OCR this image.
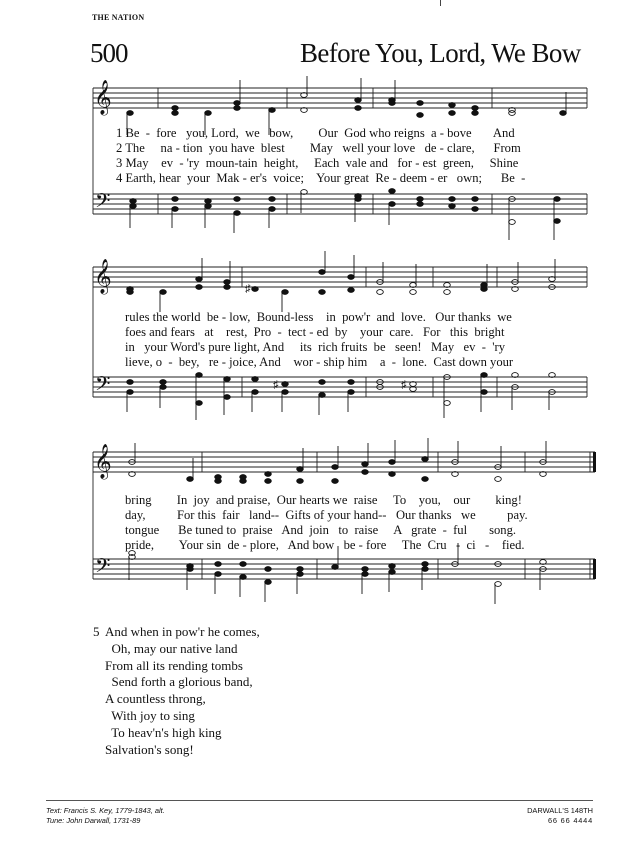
THE NATION
500	Before You, Lord, We Bow
𝄞
𝄢
𝄞
𝄢
𝄞
𝄢
♯
♯	♯
1 Be  -  fore   you, Lord,  we   bow,        Our  God who reigns  a - bove       And
2 The     na - tion  you have  blest        May   well your love   de - clare,      From
3 May    ev  - 'ry  moun-tain  height,     Each  vale and   for - est  green,     Shine
4 Earth, hear  your  Mak - er's  voice;    Your great  Re - deem - er   own;      Be  -
rules the world  be - low,  Bound-less    in  pow'r  and  love.   Our thanks  we
foes and fears   at    rest,  Pro  -  tect - ed  by    your  care.   For   this  bright
in   your Word's pure light, And     its  rich fruits  be   seen!   May   ev  -  'ry
lieve, o  -  bey,   re - joice, And    wor - ship him    a  -  lone.  Cast down your
bring        In  joy  and praise,  Our hearts we  raise     To    you,    our        king!
day,          For this  fair   land--  Gifts of your hand--   Our thanks   we          pay.
tongue      Be tuned to  praise   And  join   to  raise     A   grate  -  ful       song.
pride,        Your sin  de - plore,   And bow   be - fore     The  Cru   -  ci   -    fied.
5 And when in pow'r he comes,
Oh, may our native land
From all its rending tombs
Send forth a glorious band,
A countless throng,
With joy to sing
To heav'n's high king
Salvation's song!
Text: Francis S. Key, 1779-1843, alt.
Tune: John Darwall, 1731-89
DARWALL'S 148TH
66 66 4444
